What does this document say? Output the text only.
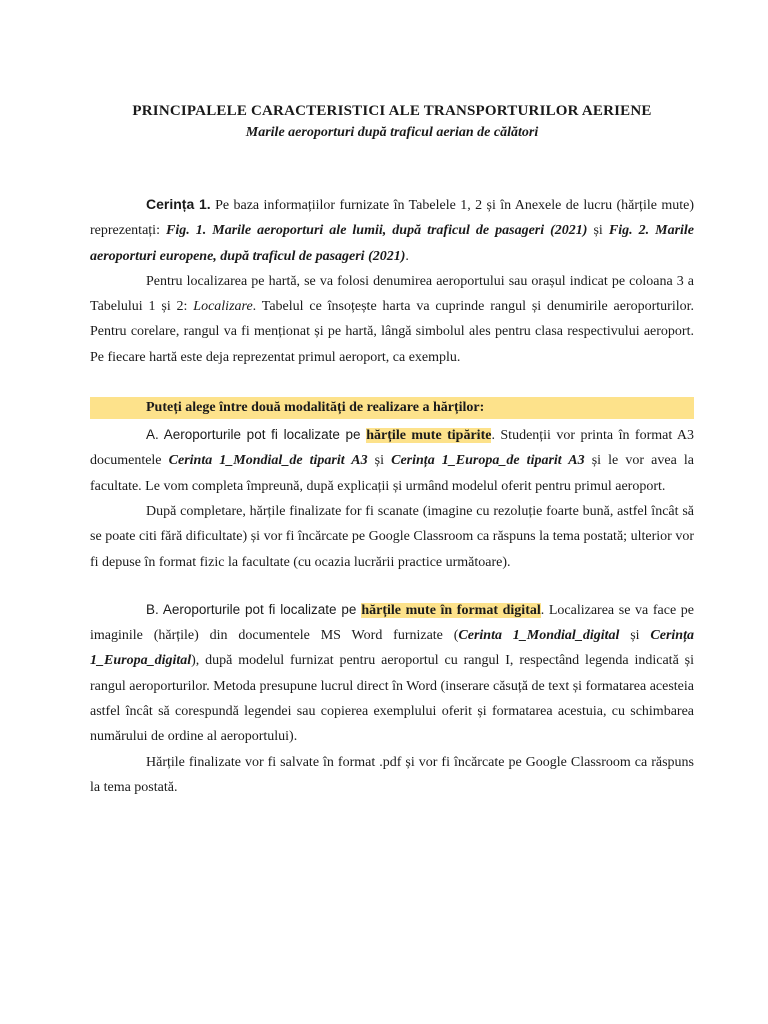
PRINCIPALELE CARACTERISTICI ALE TRANSPORTURILOR AERIENE
Marile aeroporturi după traficul aerian de călători

Cerința 1. Pe baza informațiilor furnizate în Tabelele 1, 2 și în Anexele de lucru (hărțile mute) reprezentați: Fig. 1. Marile aeroporturi ale lumii, după traficul de pasageri (2021) și Fig. 2. Marile aeroporturi europene, după traficul de pasageri (2021).

Pentru localizarea pe hartă, se va folosi denumirea aeroportului sau orașul indicat pe coloana 3 a Tabelului 1 și 2: Localizare. Tabelul ce însoțește harta va cuprinde rangul și denumirile aeroporturilor. Pentru corelare, rangul va fi menționat și pe hartă, lângă simbolul ales pentru clasa respectivului aeroport. Pe fiecare hartă este deja reprezentat primul aeroport, ca exemplu.

Puteți alege între două modalități de realizare a hărților:

A. Aeroporturile pot fi localizate pe hărțile mute tipărite. Studenții vor printa în format A3 documentele Cerinta 1_Mondial_de tiparit A3 și Cerința 1_Europa_de tiparit A3 și le vor avea la facultate. Le vom completa împreună, după explicații și urmând modelul oferit pentru primul aeroport.

După completare, hărțile finalizate for fi scanate (imagine cu rezoluție foarte bună, astfel încât să se poate citi fără dificultate) și vor fi încărcate pe Google Classroom ca răspuns la tema postată; ulterior vor fi depuse în format fizic la facultate (cu ocazia lucrării practice următoare).

B. Aeroporturile pot fi localizate pe hărțile mute în format digital. Localizarea se va face pe imaginile (hărțile) din documentele MS Word furnizate (Cerinta 1_Mondial_digital și Cerința 1_Europa_digital), după modelul furnizat pentru aeroportul cu rangul I, respectând legenda indicată și rangul aeroporturilor. Metoda presupune lucrul direct în Word (inserare căsuță de text și formatarea acesteia astfel încât să corespundă legendei sau copierea exemplului oferit și formatarea acestuia, cu schimbarea numărului de ordine al aeroportului).

Hărțile finalizate vor fi salvate în format .pdf și vor fi încărcate pe Google Classroom ca răspuns la tema postată.
